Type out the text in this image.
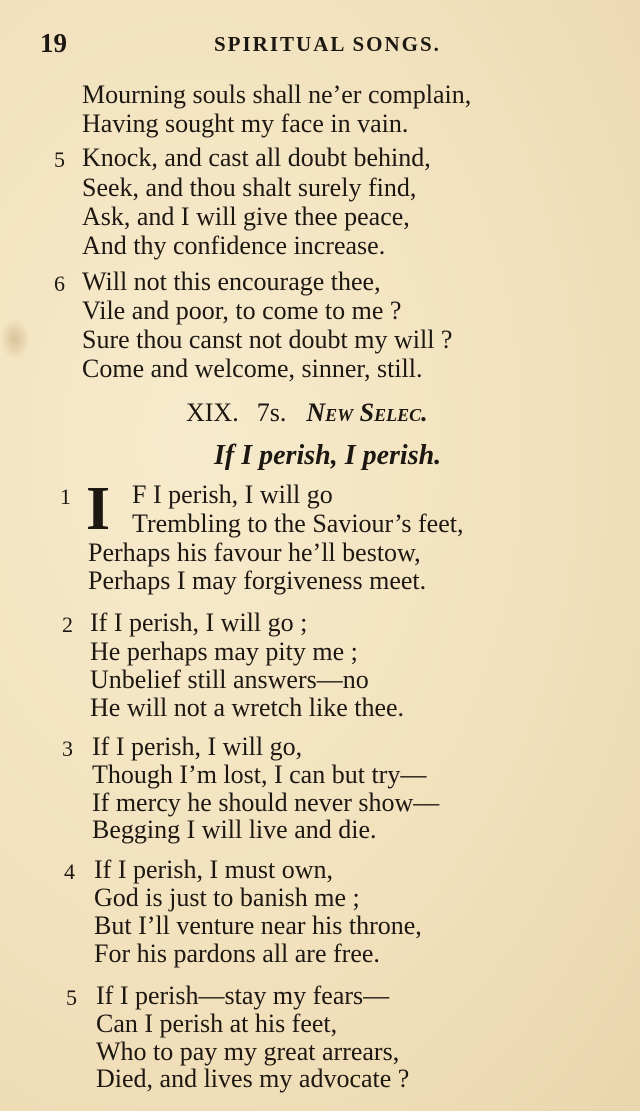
19	SPIRITUAL SONGS.
Mourning souls shall ne’er complain,
Having sought my face in vain.
5 Knock, and cast all doubt behind,
Seek, and thou shalt surely find,
Ask, and I will give thee peace,
And thy confidence increase.
6 Will not this encourage thee,
Vile and poor, to come to me ?
Sure thou canst not doubt my will ?
Come and welcome, sinner, still.
XIX. 7s. New Selec.
If I perish, I perish.
1 I F I perish, I will go
Trembling to the Saviour’s feet,
Perhaps his favour he’ll bestow,
Perhaps I may forgiveness meet.
2 If I perish, I will go ;
He perhaps may pity me ;
Unbelief still answers—no
He will not a wretch like thee.
3 If I perish, I will go,
Though I’m lost, I can but try—
If mercy he should never show—
Begging I will live and die.
4 If I perish, I must own,
God is just to banish me ;
But I’ll venture near his throne,
For his pardons all are free.
5 If I perish—stay my fears—
Can I perish at his feet,
Who to pay my great arrears,
Died, and lives my advocate ?
